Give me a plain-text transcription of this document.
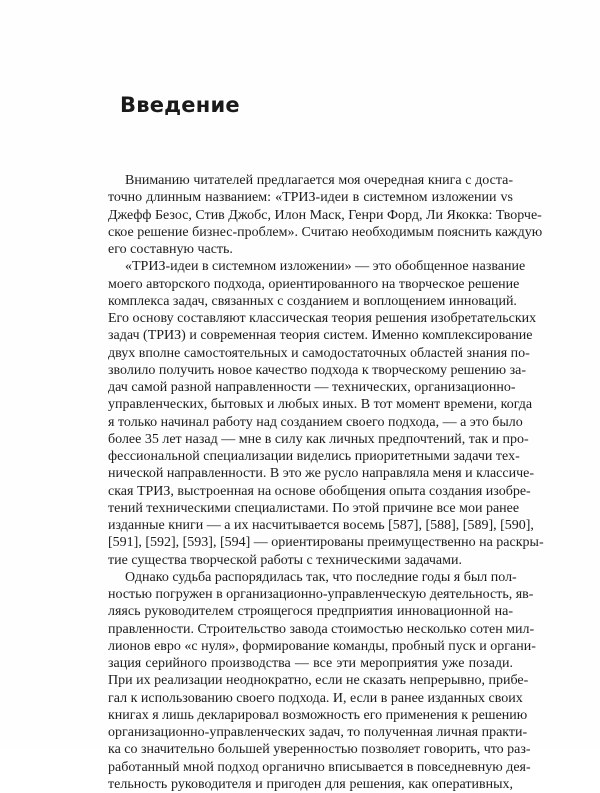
Введение
Вниманию читателей предлагается моя очередная книга с доста-
точно длинным названием: «ТРИЗ-идеи в системном изложении vs
Джефф Безос, Стив Джобс, Илон Маск, Генри Форд, Ли Якокка: Творче-
ское решение бизнес-проблем». Считаю необходимым пояснить каждую
его составную часть.
«ТРИЗ-идеи в системном изложении» — это обобщенное название
моего авторского подхода, ориентированного на творческое решение
комплекса задач, связанных с созданием и воплощением инноваций.
Его основу составляют классическая теория решения изобретательских
задач (ТРИЗ) и современная теория систем. Именно комплексирование
двух вполне самостоятельных и самодостаточных областей знания по-
зволило получить новое качество подхода к творческому решению за-
дач самой разной направленности — технических, организационно-
управленческих, бытовых и любых иных. В тот момент времени, когда
я только начинал работу над созданием своего подхода, — а это было
более 35 лет назад — мне в силу как личных предпочтений, так и про-
фессиональной специализации виделись приоритетными задачи тех-
нической направленности. В это же русло направляла меня и классиче-
ская ТРИЗ, выстроенная на основе обобщения опыта создания изобре-
тений техническими специалистами. По этой причине все мои ранее
изданные книги — а их насчитывается восемь [587], [588], [589], [590],
[591], [592], [593], [594] — ориентированы преимущественно на раскры-
тие существа творческой работы с техническими задачами.
Однако судьба распорядилась так, что последние годы я был пол-
ностью погружен в организационно-управленческую деятельность, яв-
ляясь руководителем строящегося предприятия инновационной на-
правленности. Строительство завода стоимостью несколько сотен мил-
лионов евро «с нуля», формирование команды, пробный пуск и органи-
зация серийного производства — все эти мероприятия уже позади.
При их реализации неоднократно, если не сказать непрерывно, прибе-
гал к использованию своего подхода. И, если в ранее изданных своих
книгах я лишь декларировал возможность его применения к решению
организационно-управленческих задач, то полученная личная практи-
ка со значительно большей уверенностью позволяет говорить, что раз-
работанный мной подход органично вписывается в повседневную дея-
тельность руководителя и пригоден для решения, как оперативных,
